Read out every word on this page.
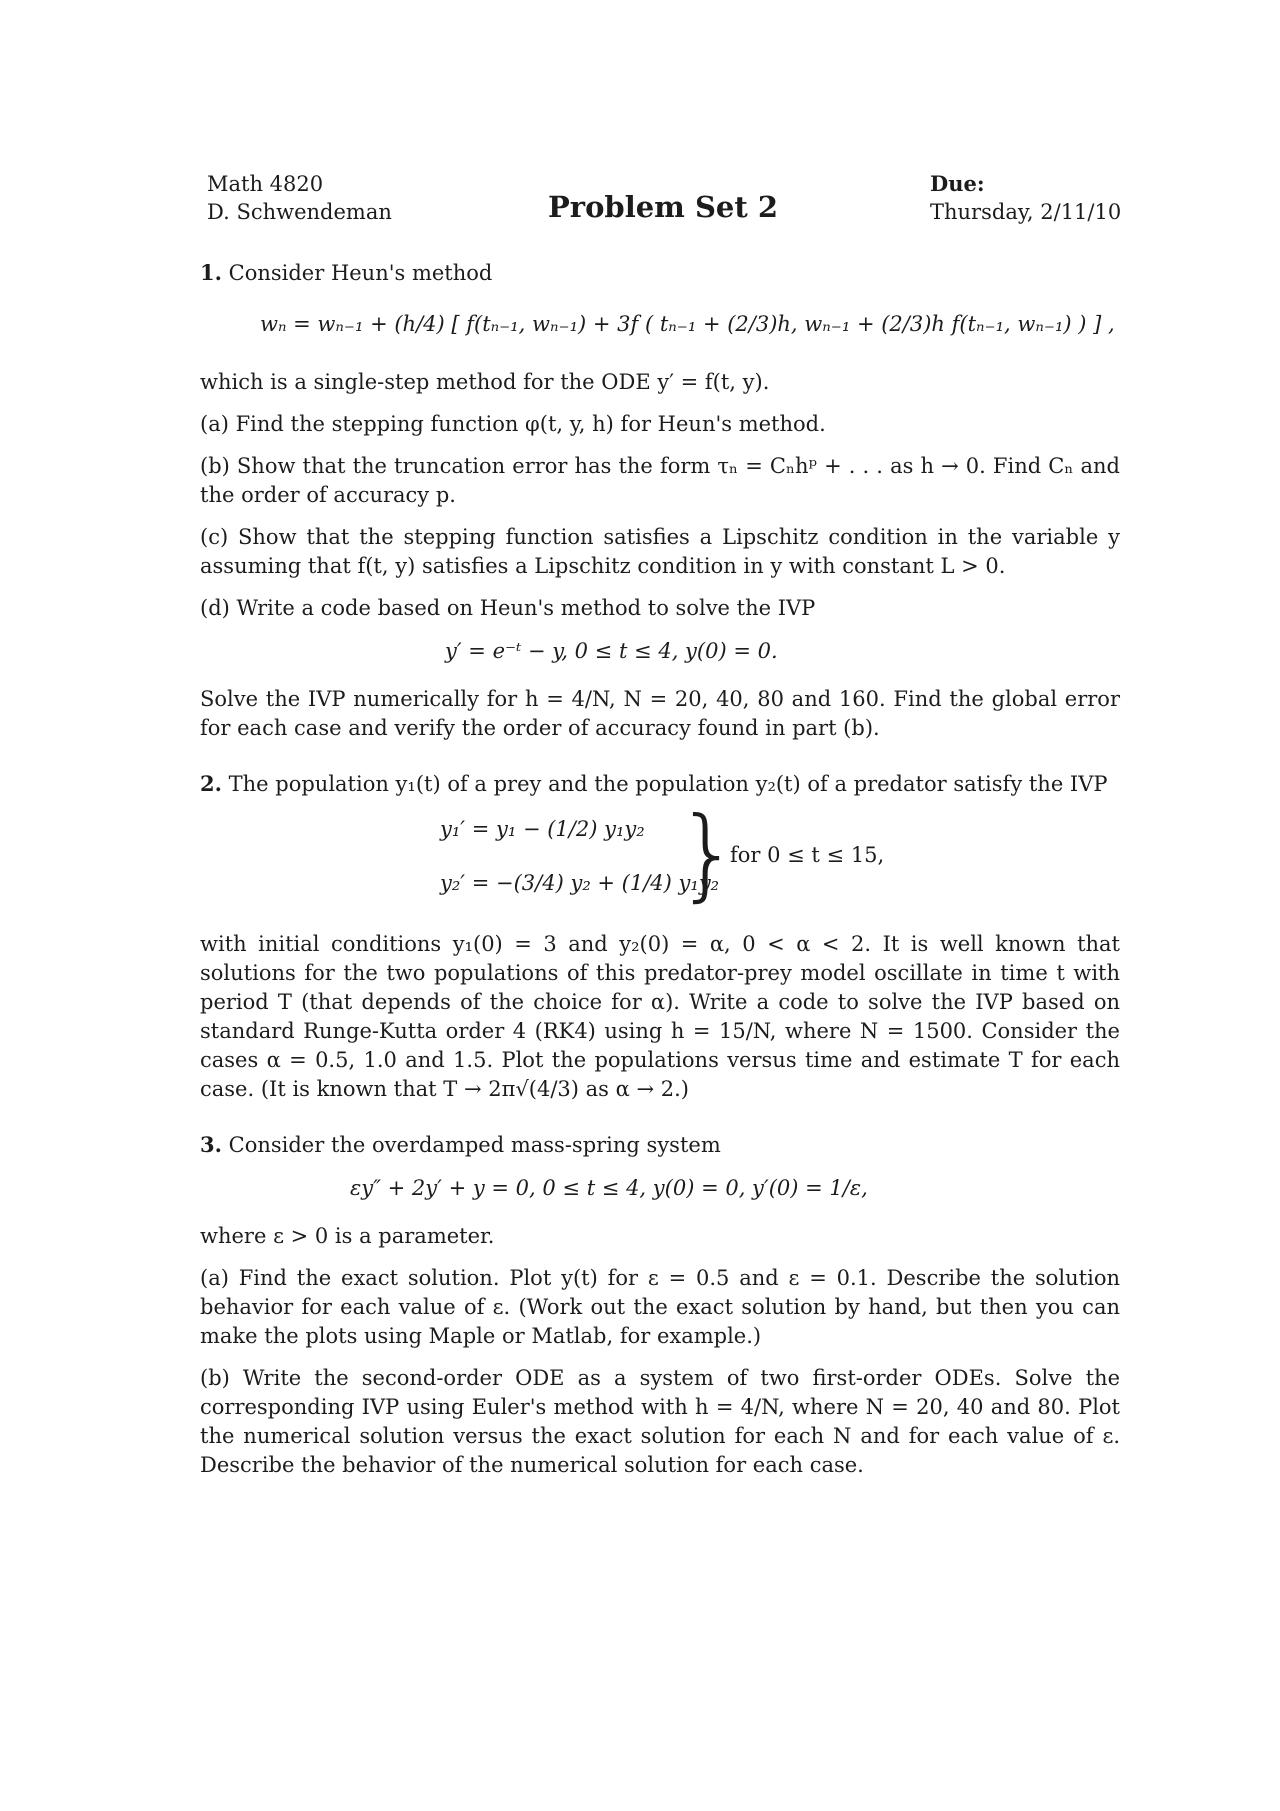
Math 4820
D. Schwendeman	Problem Set 2
Due:
Thursday, 2/11/10

1. Consider Heun's method

wₙ = wₙ₋₁ + (h/4) [ f(tₙ₋₁, wₙ₋₁) + 3f ( tₙ₋₁ + (2/3)h, wₙ₋₁ + (2/3)h f(tₙ₋₁, wₙ₋₁) ) ] ,

which is a single-step method for the ODE y′ = f(t, y).

(a) Find the stepping function φ(t, y, h) for Heun's method.

(b) Show that the truncation error has the form τₙ = Cₙhᵖ + . . . as h → 0. Find Cₙ and the order of accuracy p.

(c) Show that the stepping function satisfies a Lipschitz condition in the variable y assuming that f(t, y) satisfies a Lipschitz condition in y with constant L > 0.

(d) Write a code based on Heun's method to solve the IVP

y′ = e⁻ᵗ − y, 0 ≤ t ≤ 4, y(0) = 0.

Solve the IVP numerically for h = 4/N, N = 20, 40, 80 and 160. Find the global error for each case and verify the order of accuracy found in part (b).

2. The population y₁(t) of a prey and the population y₂(t) of a predator satisfy the IVP

y₁′ = y₁ − (1/2) y₁y₂
y₂′ = −(3/4) y₂ + (1/4) y₁y₂
}
for 0 ≤ t ≤ 15,

with initial conditions y₁(0) = 3 and y₂(0) = α, 0 < α < 2. It is well known that solutions for the two populations of this predator-prey model oscillate in time t with period T (that depends of the choice for α). Write a code to solve the IVP based on standard Runge-Kutta order 4 (RK4) using h = 15/N, where N = 1500. Consider the cases α = 0.5, 1.0 and 1.5. Plot the populations versus time and estimate T for each case. (It is known that T → 2π√(4/3) as α → 2.)

3. Consider the overdamped mass-spring system

εy″ + 2y′ + y = 0, 0 ≤ t ≤ 4, y(0) = 0, y′(0) = 1/ε,

where ε > 0 is a parameter.

(a) Find the exact solution. Plot y(t) for ε = 0.5 and ε = 0.1. Describe the solution behavior for each value of ε. (Work out the exact solution by hand, but then you can make the plots using Maple or Matlab, for example.)

(b) Write the second-order ODE as a system of two first-order ODEs. Solve the corresponding IVP using Euler's method with h = 4/N, where N = 20, 40 and 80. Plot the numerical solution versus the exact solution for each N and for each value of ε. Describe the behavior of the numerical solution for each case.
